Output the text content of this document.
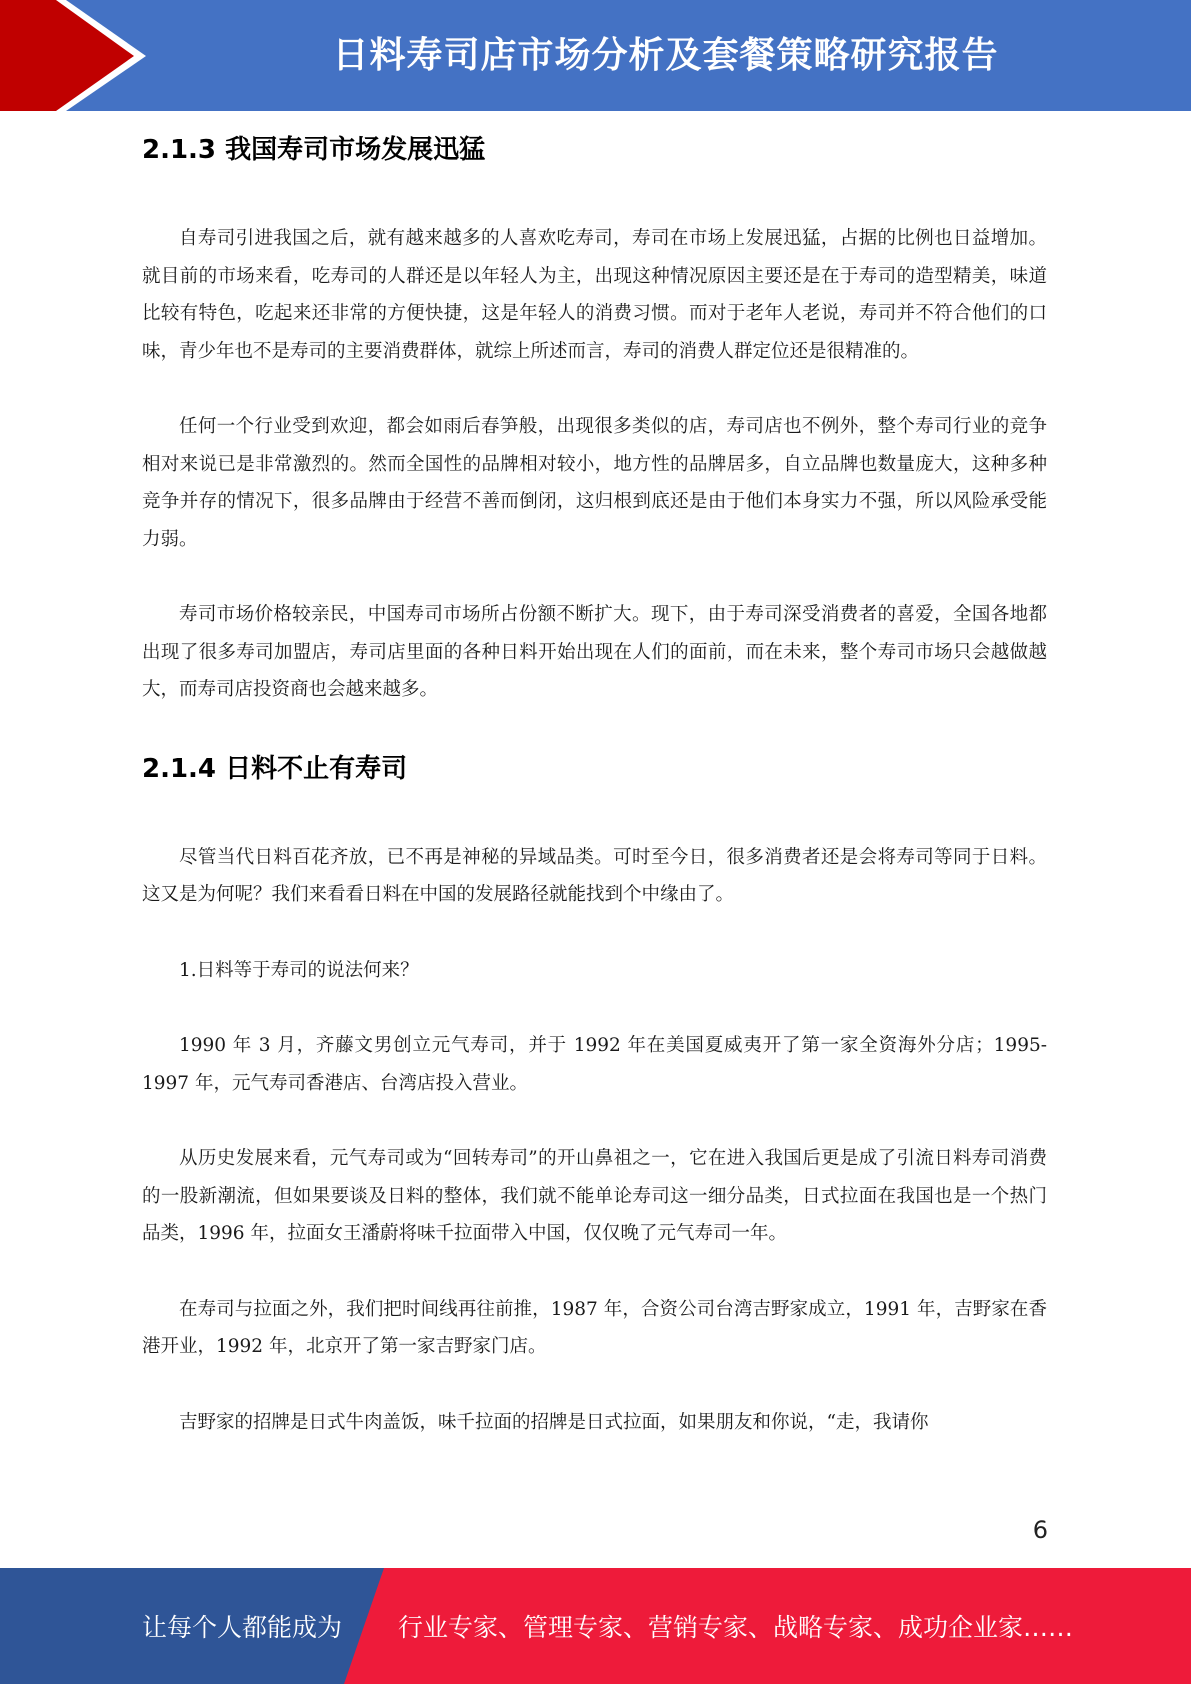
日料寿司店市场分析及套餐策略研究报告
2.1.3 我国寿司市场发展迅猛

自寿司引进我国之后，就有越来越多的人喜欢吃寿司，寿司在市场上发展迅猛，占据的比例也日益增加。就目前的市场来看，吃寿司的人群还是以年轻人为主，出现这种情况原因主要还是在于寿司的造型精美，味道比较有特色，吃起来还非常的方便快捷，这是年轻人的消费习惯。而对于老年人老说，寿司并不符合他们的口味，青少年也不是寿司的主要消费群体，就综上所述而言，寿司的消费人群定位还是很精准的。

任何一个行业受到欢迎，都会如雨后春笋般，出现很多类似的店，寿司店也不例外，整个寿司行业的竞争相对来说已是非常激烈的。然而全国性的品牌相对较小，地方性的品牌居多，自立品牌也数量庞大，这种多种竞争并存的情况下，很多品牌由于经营不善而倒闭，这归根到底还是由于他们本身实力不强，所以风险承受能力弱。

寿司市场价格较亲民，中国寿司市场所占份额不断扩大。现下，由于寿司深受消费者的喜爱，全国各地都出现了很多寿司加盟店，寿司店里面的各种日料开始出现在人们的面前，而在未来，整个寿司市场只会越做越大，而寿司店投资商也会越来越多。

2.1.4 日料不止有寿司

尽管当代日料百花齐放，已不再是神秘的异域品类。可时至今日，很多消费者还是会将寿司等同于日料。这又是为何呢？我们来看看日料在中国的发展路径就能找到个中缘由了。

1.日料等于寿司的说法何来？

1990 年 3 月，齐藤文男创立元气寿司，并于 1992 年在美国夏威夷开了第一家全资海外分店；1995-1997 年，元气寿司香港店、台湾店投入营业。

从历史发展来看，元气寿司或为“回转寿司”的开山鼻祖之一，它在进入我国后更是成了引流日料寿司消费的一股新潮流，但如果要谈及日料的整体，我们就不能单论寿司这一细分品类，日式拉面在我国也是一个热门品类，1996 年，拉面女王潘蔚将味千拉面带入中国，仅仅晚了元气寿司一年。

在寿司与拉面之外，我们把时间线再往前推，1987 年，合资公司台湾吉野家成立，1991 年，吉野家在香港开业，1992 年，北京开了第一家吉野家门店。

吉野家的招牌是日式牛肉盖饭，味千拉面的招牌是日式拉面，如果朋友和你说，“走，我请你

6
让每个人都能成为 行业专家、管理专家、营销专家、战略专家、成功企业家……
